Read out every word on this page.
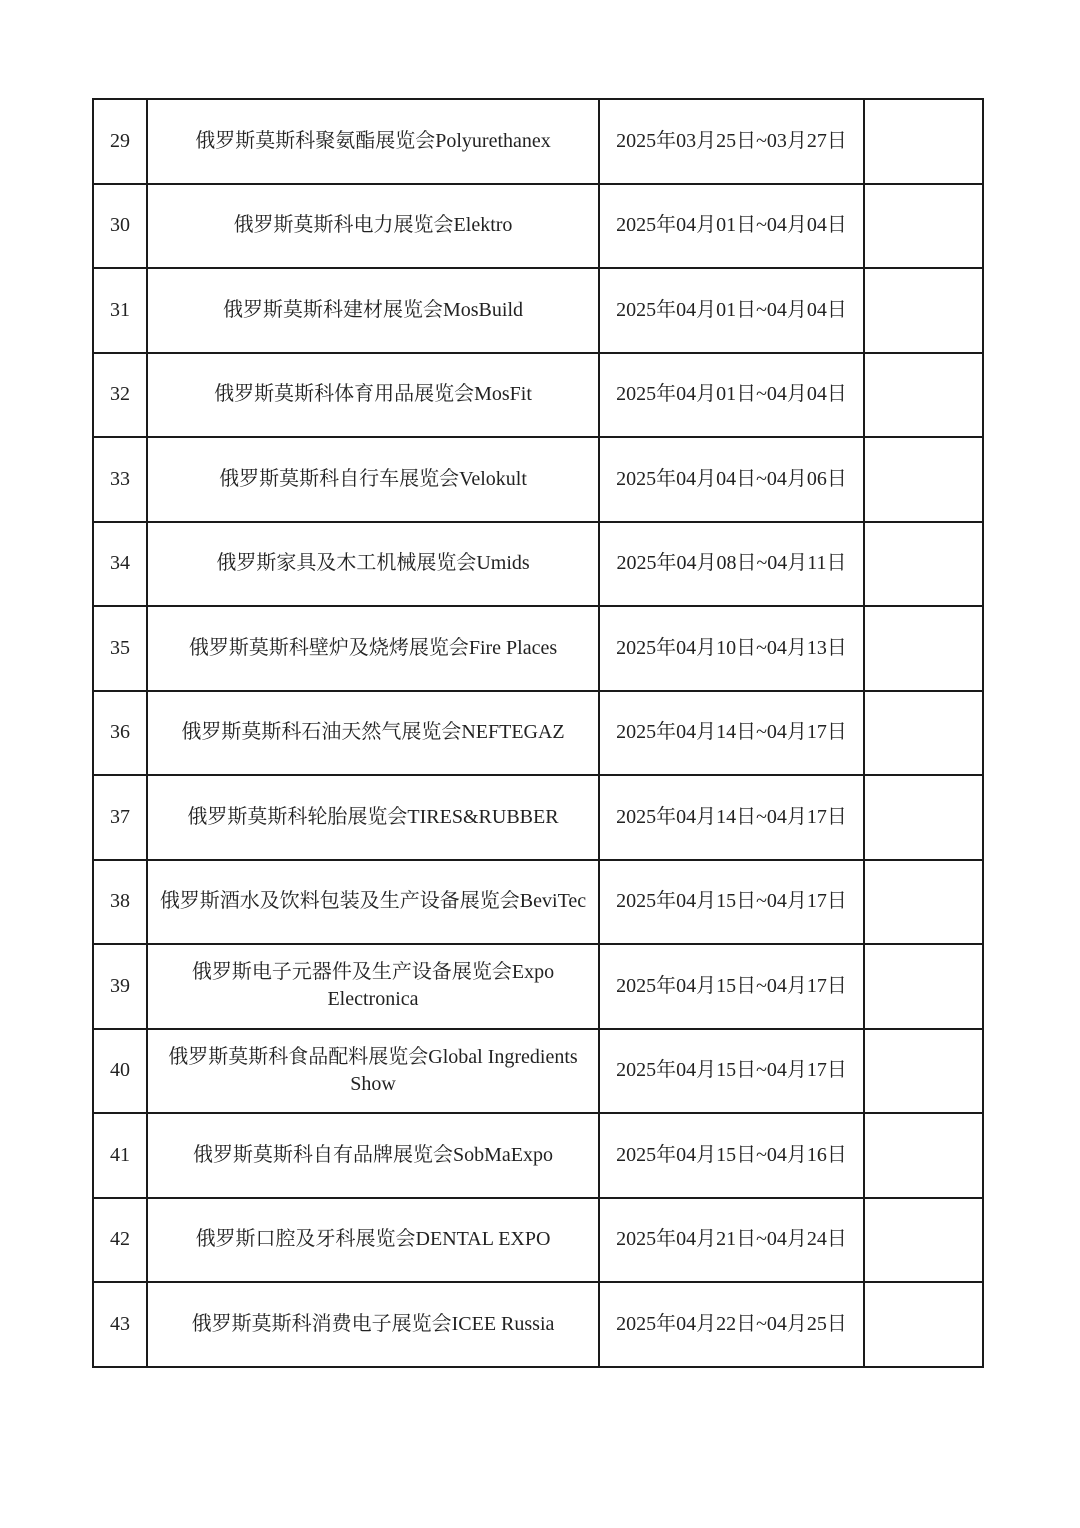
29	俄罗斯莫斯科聚氨酯展览会Polyurethanex	2025年03月25日~03月27日	
30	俄罗斯莫斯科电力展览会Elektro	2025年04月01日~04月04日	
31	俄罗斯莫斯科建材展览会MosBuild	2025年04月01日~04月04日	
32	俄罗斯莫斯科体育用品展览会MosFit	2025年04月01日~04月04日	
33	俄罗斯莫斯科自行车展览会Velokult	2025年04月04日~04月06日	
34	俄罗斯家具及木工机械展览会Umids	2025年04月08日~04月11日	
35	俄罗斯莫斯科壁炉及烧烤展览会Fire Places	2025年04月10日~04月13日	
36	俄罗斯莫斯科石油天然气展览会NEFTEGAZ	2025年04月14日~04月17日	
37	俄罗斯莫斯科轮胎展览会TIRES&RUBBER	2025年04月14日~04月17日	
38	俄罗斯酒水及饮料包装及生产设备展览会BeviTec	2025年04月15日~04月17日	
39	俄罗斯电子元器件及生产设备展览会Expo Electronica	2025年04月15日~04月17日	
40	俄罗斯莫斯科食品配料展览会Global Ingredients Show	2025年04月15日~04月17日	
41	俄罗斯莫斯科自有品牌展览会SobMaExpo	2025年04月15日~04月16日	
42	俄罗斯口腔及牙科展览会DENTAL EXPO	2025年04月21日~04月24日	
43	俄罗斯莫斯科消费电子展览会ICEE Russia	2025年04月22日~04月25日	
